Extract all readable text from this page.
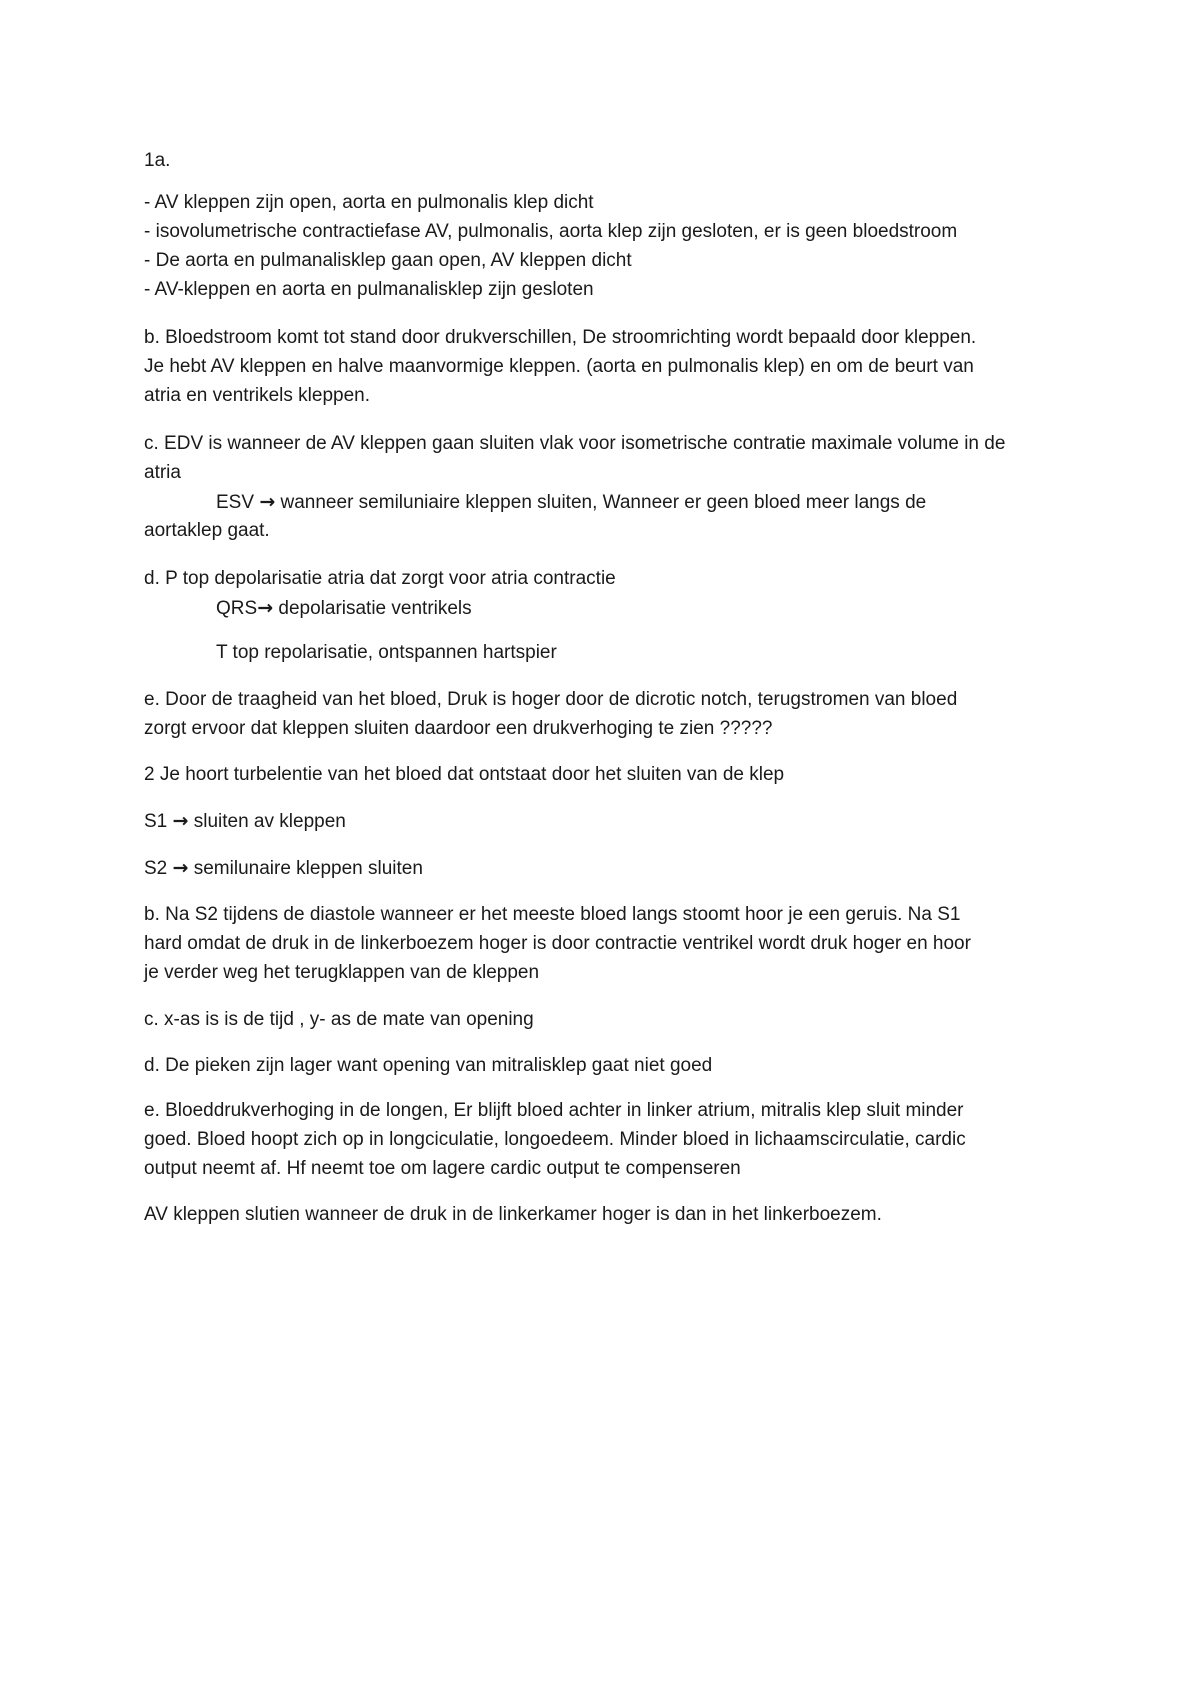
1a.
- AV kleppen zijn open, aorta en pulmonalis klep dicht
- isovolumetrische contractiefase AV, pulmonalis, aorta klep zijn gesloten, er is geen bloedstroom
- De aorta en pulmanalisklep gaan open, AV kleppen dicht
- AV-kleppen en aorta en pulmanalisklep zijn gesloten
b. Bloedstroom komt tot stand door drukverschillen, De stroomrichting wordt bepaald door kleppen.
Je hebt AV kleppen en halve maanvormige kleppen. (aorta en pulmonalis klep) en om de beurt van
atria en ventrikels kleppen.
c. EDV is wanneer de AV kleppen gaan sluiten vlak voor isometrische contratie maximale volume in de
atria
ESV → wanneer semiluniaire kleppen sluiten, Wanneer er geen bloed meer langs de
aortaklep gaat.
d. P top depolarisatie atria dat zorgt voor atria contractie
QRS→ depolarisatie ventrikels
T top repolarisatie, ontspannen hartspier
e. Door de traagheid van het bloed, Druk is hoger door de dicrotic notch, terugstromen van bloed
zorgt ervoor dat kleppen sluiten daardoor een drukverhoging te zien ?????
2 Je hoort turbelentie van het bloed dat ontstaat door het sluiten van de klep
S1 → sluiten av kleppen
S2 → semilunaire kleppen sluiten
b. Na S2 tijdens de diastole wanneer er het meeste bloed langs stoomt hoor je een geruis. Na S1
hard omdat de druk in de linkerboezem hoger is door contractie ventrikel wordt druk hoger en hoor
je verder weg het terugklappen van de kleppen
c. x-as is is de tijd , y- as de mate van opening
d. De pieken zijn lager want opening van mitralisklep gaat niet goed
e. Bloeddrukverhoging in de longen, Er blijft bloed achter in linker atrium, mitralis klep sluit minder
goed. Bloed hoopt zich op in longciculatie, longoedeem. Minder bloed in lichaamscirculatie, cardic
output neemt af. Hf neemt toe om lagere cardic output te compenseren
AV kleppen slutien wanneer de druk in de linkerkamer hoger is dan in het linkerboezem.
